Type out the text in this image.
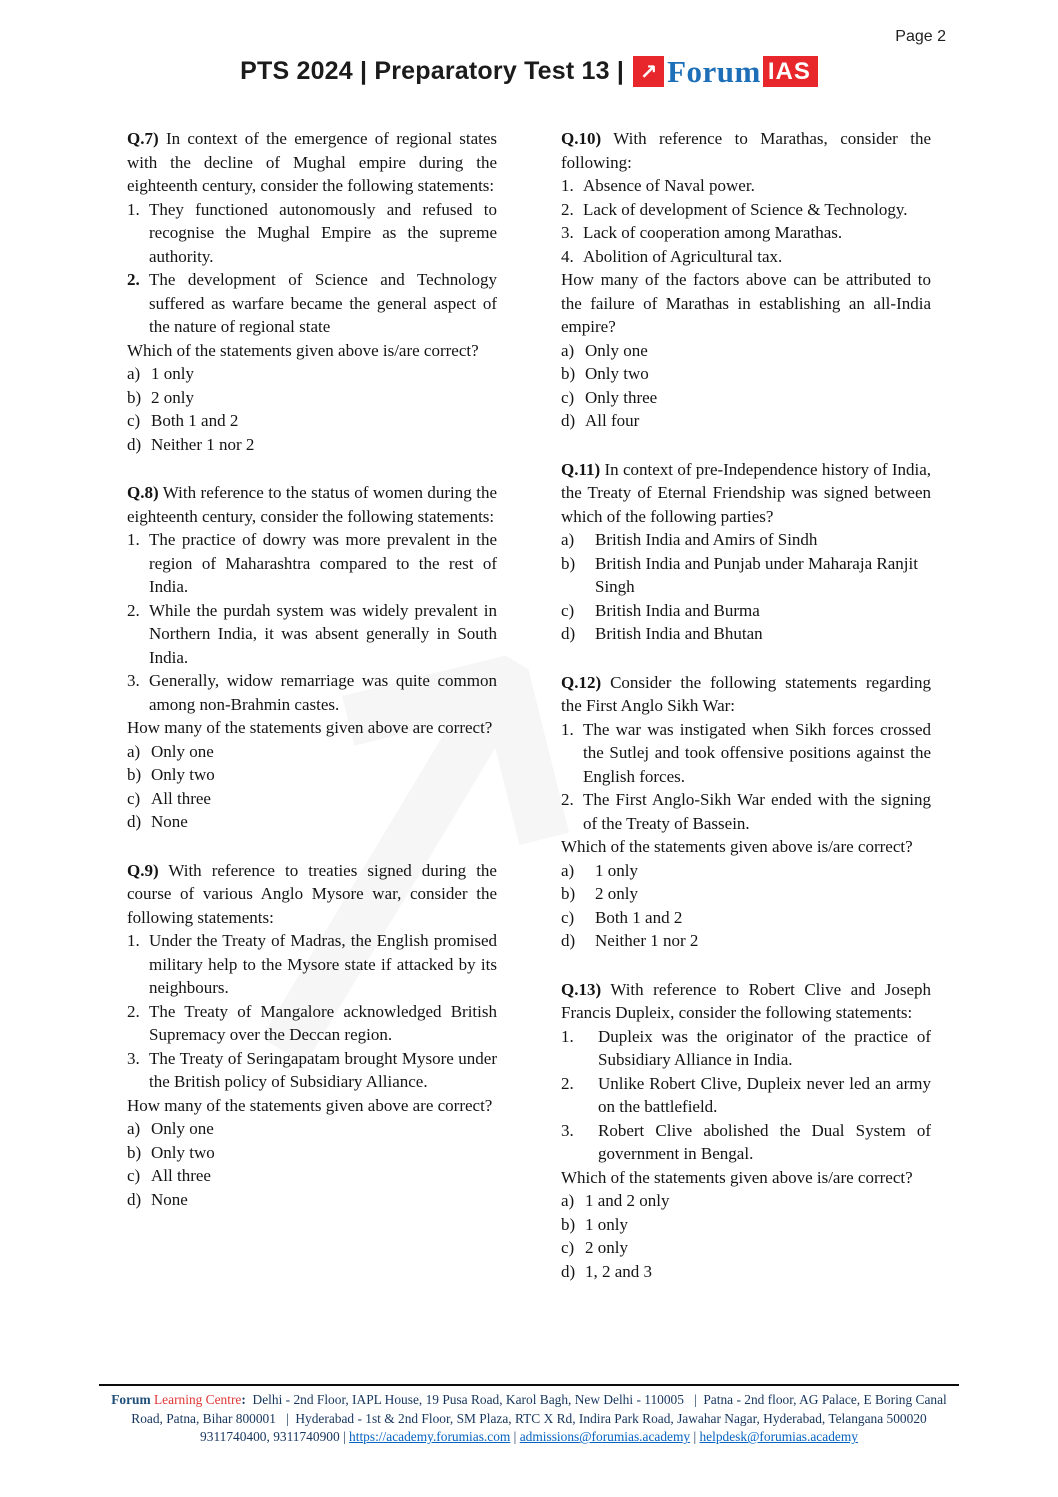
Page 2
PTS 2024 | Preparatory Test 13 | ↗ Forum IAS

Q.7) In context of the emergence of regional states with the decline of Mughal empire during the eighteenth century, consider the following statements:

1. They functioned autonomously and refused to recognise the Mughal Empire as the supreme authority.
2. The development of Science and Technology suffered as warfare became the general aspect of the nature of regional state

Which of the statements given above is/are correct?

a) 1 only
b) 2 only
c) Both 1 and 2
d) Neither 1 nor 2

Q.8) With reference to the status of women during the eighteenth century, consider the following statements:

1. The practice of dowry was more prevalent in the region of Maharashtra compared to the rest of India.
2. While the purdah system was widely prevalent in Northern India, it was absent generally in South India.
3. Generally, widow remarriage was quite common among non-Brahmin castes.

How many of the statements given above are correct?

a) Only one
b) Only two
c) All three
d) None

Q.9) With reference to treaties signed during the course of various Anglo Mysore war, consider the following statements:

1. Under the Treaty of Madras, the English promised military help to the Mysore state if attacked by its neighbours.
2. The Treaty of Mangalore acknowledged British Supremacy over the Deccan region.
3. The Treaty of Seringapatam brought Mysore under the British policy of Subsidiary Alliance.

How many of the statements given above are correct?

a) Only one
b) Only two
c) All three
d) None

Q.10) With reference to Marathas, consider the following:

1. Absence of Naval power.
2. Lack of development of Science & Technology.
3. Lack of cooperation among Marathas.
4. Abolition of Agricultural tax.

How many of the factors above can be attributed to the failure of Marathas in establishing an all-India empire?

a) Only one
b) Only two
c) Only three
d) All four

Q.11) In context of pre-Independence history of India, the Treaty of Eternal Friendship was signed between which of the following parties?

a) British India and Amirs of Sindh
b) British India and Punjab under Maharaja Ranjit Singh
c) British India and Burma
d) British India and Bhutan

Q.12) Consider the following statements regarding the First Anglo Sikh War:

1. The war was instigated when Sikh forces crossed the Sutlej and took offensive positions against the English forces.
2. The First Anglo-Sikh War ended with the signing of the Treaty of Bassein.

Which of the statements given above is/are correct?

a) 1 only
b) 2 only
c) Both 1 and 2
d) Neither 1 nor 2

Q.13) With reference to Robert Clive and Joseph Francis Dupleix, consider the following statements:

1. Dupleix was the originator of the practice of Subsidiary Alliance in India.
2. Unlike Robert Clive, Dupleix never led an army on the battlefield.
3. Robert Clive abolished the Dual System of government in Bengal.

Which of the statements given above is/are correct?

a) 1 and 2 only
b) 1 only
c) 2 only
d) 1, 2 and 3
Forum Learning Centre:  Delhi - 2nd Floor, IAPL House, 19 Pusa Road, Karol Bagh, New Delhi - 110005   |  Patna - 2nd floor, AG Palace, E Boring Canal Road, Patna, Bihar 800001   |  Hyderabad - 1st & 2nd Floor, SM Plaza, RTC X Rd, Indira Park Road, Jawahar Nagar, Hyderabad, Telangana 500020
9311740400, 9311740900 | https://academy.forumias.com | admissions@forumias.academy | helpdesk@forumias.academy
